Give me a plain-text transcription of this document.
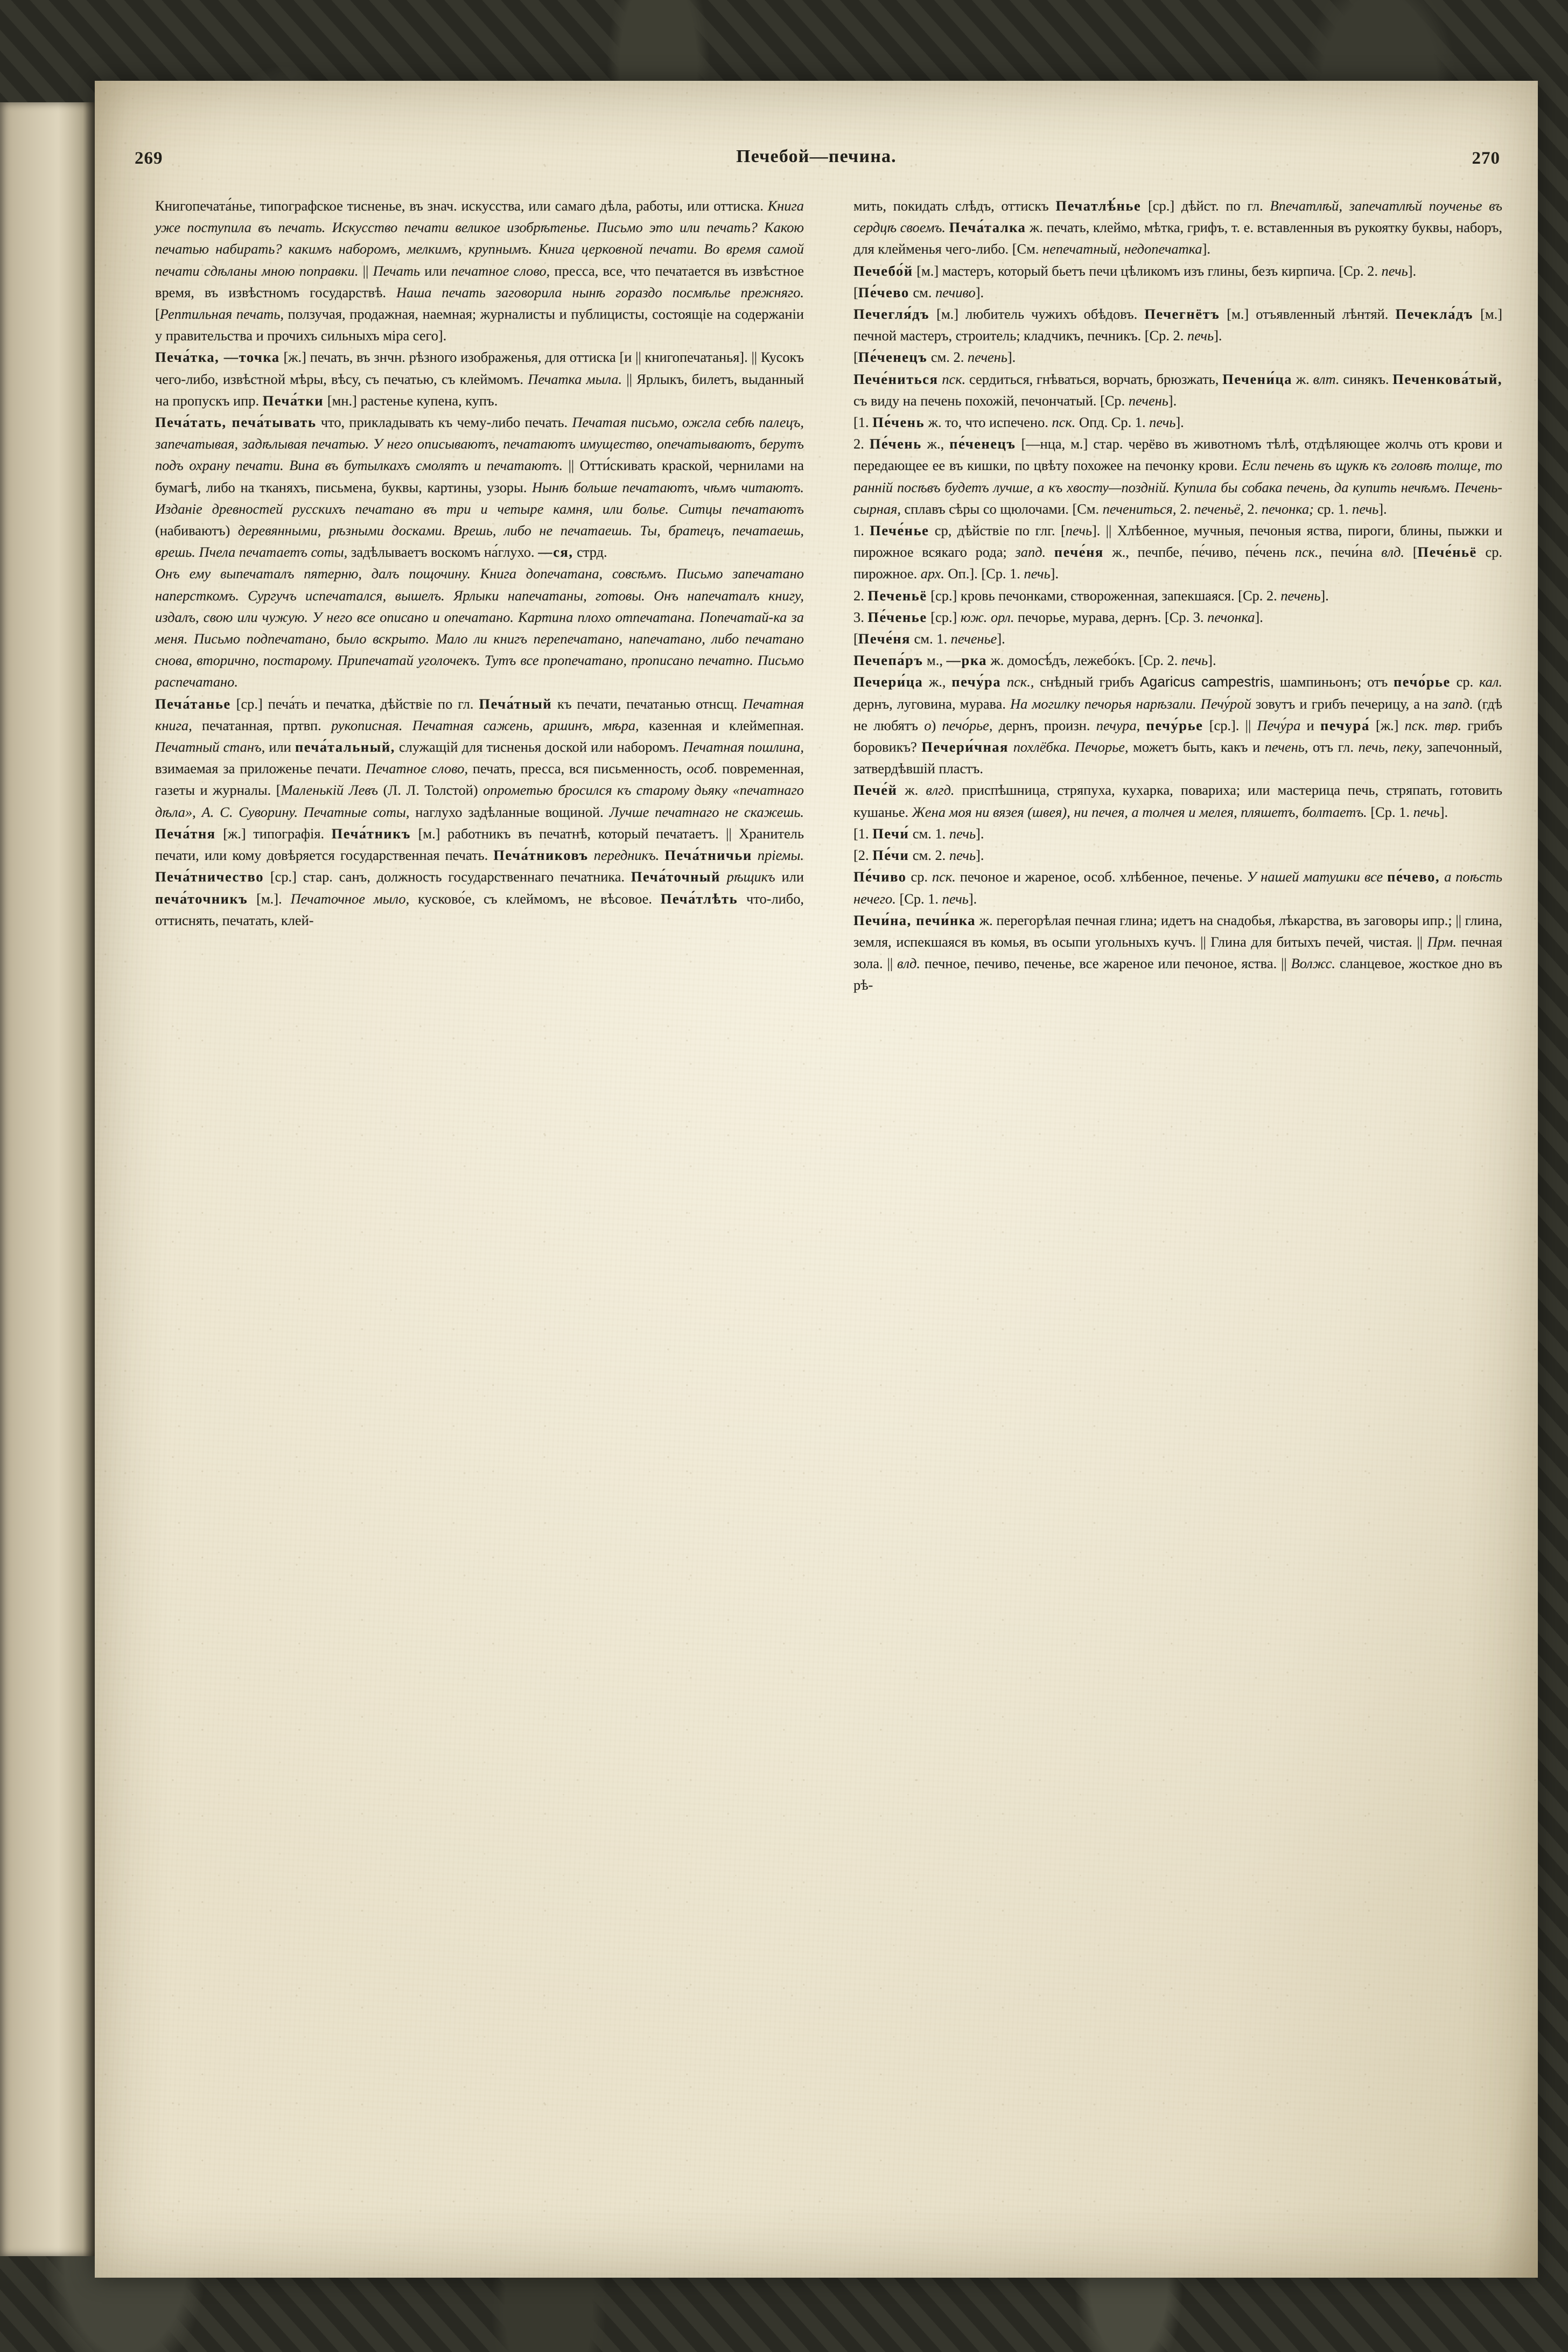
269	Печебой—печина.	270

Книгопечата́нье, типографское тисненье, въ знач. искусства, или самаго дѣла, работы, или оттиска. Книга уже поступила въ печать. Искусство печати великое изобрѣтенье. Письмо это или печать? Какою печатью набирать? какимъ наборомъ, мелкимъ, крупнымъ. Книга церковной печати. Во время самой печати сдѣланы мною поправки. || Печать или печатное слово, пресса, все, что печатается въ извѣстное время, въ извѣстномъ государствѣ. Наша печать заговорила нынѣ гораздо посмѣлье прежняго. [Рептильная печать, ползучая, продажная, наемная; журналисты и публицисты, состоящіе на содержаніи у правительства и прочихъ сильныхъ міра сего].

Печа́тка, —точка [ж.] печать, въ знчн. рѣзного изображенья, для оттиска [и || книгопечатанья]. || Кусокъ чего-либо, извѣстной мѣры, вѣсу, съ печатью, съ клеймомъ. Печатка мыла. || Ярлыкъ, билетъ, выданный на пропускъ ипр. Печа́тки [мн.] растенье купена, купъ.

Печа́тать, печа́тывать что, прикладывать къ чему-либо печать. Печатая письмо, ожгла себѣ палецъ, запечатывая, задѣлывая печатью. У него описываютъ, печатаютъ имущество, опечатываютъ, берутъ подъ охрану печати. Вина въ бутылкахъ смолятъ и печатаютъ. || Отти́скивать краской, чернилами на бумагѣ, либо на тканяхъ, письмена, буквы, картины, узоры. Нынѣ больше печатаютъ, чѣмъ читаютъ. Изданіе древностей русскихъ печатано въ три и четыре камня, или болье. Ситцы печатаютъ (набиваютъ) деревянными, рѣзными досками. Врешь, либо не печатаешь. Ты, братецъ, печатаешь, врешь. Пчела печатаетъ соты, задѣлываетъ воскомъ на́глухо. —ся, стрд.

Онъ ему выпечаталъ пятерню, далъ пощочину. Книга допечатана, совсѣмъ. Письмо запечатано наперсткомъ. Сургучъ испечатался, вышелъ. Ярлыки напечатаны, готовы. Онъ напечаталъ книгу, издалъ, свою или чужую. У него все описано и опечатано. Картина плохо отпечатана. Попечатай-ка за меня. Письмо подпечатано, было вскрыто. Мало ли книгъ перепечатано, напечатано, либо печатано снова, вторично, постарому. Припечатай уголочекъ. Тутъ все пропечатано, прописано печатно. Письмо распечатано.

Печа́танье [ср.] печа́ть и печатка, дѣйствіе по гл. Печа́тный къ печати, печатанью отнсщ. Печатная книга, печатанная, пртвп. рукописная. Печатная сажень, аршинъ, мѣра, казенная и клеймепная. Печатный станъ, или печа́тальный, служащій для тисненья доской или наборомъ. Печатная пошлина, взимаемая за приложенье печати. Печатное слово, печать, пресса, вся письменность, особ. повременная, газеты и журналы. [Маленькій Левъ (Л. Л. Толстой) опрометью бросился къ старому дьяку «печатнаго дѣла», А. С. Суворину. Печатные соты, наглухо задѣланные вощиной. Лучше печатнаго не скажешь. Печа́тня [ж.] типографія. Печа́тникъ [м.] работникъ въ печатнѣ, который печатаетъ. || Хранитель печати, или кому довѣряется государственная печать. Печа́тниковъ передникъ. Печа́тничьи пріемы. Печа́тничество [ср.] стар. санъ, должность государственнаго печатника. Печа́точный рѣщикъ или печа́точникъ [м.]. Печаточное мыло, кусково́е, съ клеймомъ, не вѣсовое. Печа́тлѣть что-либо, оттиснять, печатать, клей-

мить, покидать слѣдъ, оттискъ Печатлѣ́ньe [ср.] дѣйст. по гл. Впечатлѣй, запечатлѣй поученье въ сердцѣ своемъ. Печа́талка ж. печать, клеймо, мѣтка, грифъ, т. е. вставленныя въ рукоятку буквы, наборъ, для клейменья чего-либо. [См. непечатный, недопечатка].

Печебо́й [м.] мастеръ, который бьетъ печи цѣликомъ изъ глины, безъ кирпича. [Ср. 2. печь].

[Пе́чево см. печиво].

Печегля́дъ [м.] любитель чужихъ обѣдовъ. Печегнётъ [м.] отъявленный лѣнтяй. Печекла́дъ [м.] печной мастеръ, строитель; кладчикъ, печникъ. [Ср. 2. печь].

[Пе́ченецъ см. 2. печень].

Пече́ниться пск. сердиться, гнѣваться, ворчать, брюзжать, Печени́ца ж. влт. синякъ. Печенкова́тый, съ виду на печень похожій, печончатый. [Ср. печень].

[1. Пе́чень ж. то, что испечено. пск. Опд. Ср. 1. печь].

2. Пе́чень ж., пе́ченецъ [—нца, м.] стар. черёво въ животномъ тѣлѣ, отдѣляющее жолчь отъ крови и передающее ее въ кишки, по цвѣту похожее на печонку крови. Если печень въ щукѣ къ головѣ толще, то ранній посѣвъ будетъ лучше, а къ хвосту—поздній. Купила бы собака печень, да купить нечѣмъ. Печень-сырная, сплавъ сѣры со щюлочами. [См. печениться, 2. печеньё, 2. печонка; ср. 1. печь].

1. Пече́нье ср, дѣйствіе по глг. [печь]. || Хлѣбенное, мучныя, печоныя яства, пироги, блины, пыжки и пирожное всякаго рода; запд. пече́ня ж., печпбе, пе́чиво, пе́чень пск., печи́на влд. [Пече́ньё ср. пирожное. арх. Оп.]. [Ср. 1. печь].

2. Печеньё [ср.] кровь печонками, створоженная, запекшаяся. [Ср. 2. печень].

3. Пе́ченье [ср.] юж. орл. печорье, мурава, дернъ. [Ср. 3. печонка].

[Пече́ня см. 1. печенье].

Печепа́ръ м., —рка ж. домосѣ́дъ, лежебо́къ. [Ср. 2. печь].

Печери́ца ж., печу́ра пск., снѣдный грибъ Agaricus campestris, шампиньонъ; отъ печо́рье ср. кал. дернъ, луговина, мурава. На могилку печорья нарѣзали. Печу́рой зовутъ и грибъ печерицу, а на запд. (гдѣ не любятъ о) печо́рье, дернъ, произн. печура, печу́рье [ср.]. || Печу́ра и печура́ [ж.] пск. твр. грибъ боровикъ? Печери́чная похлёбка. Печорье, можетъ быть, какъ и печень, отъ гл. печь, пеку, запечонный, затвердѣвшій пластъ.

Пече́й ж. влгд. приспѣшница, стряпуха, кухарка, повариха; или мастерица печь, стряпать, готовить кушанье. Жена моя ни вязея (швея), ни печея, а толчея и мелея, пляшетъ, болтаетъ. [Ср. 1. печь].

[1. Печи́ см. 1. печь].

[2. Пе́чи см. 2. печь].

Пе́чиво ср. пск. печоное и жареное, особ. хлѣбенное, печенье. У нашей матушки все пе́чево, а поѣсть нечего. [Ср. 1. печь].

Печи́на, печи́нка ж. перегорѣлая печная глина; идетъ на снадобья, лѣкарства, въ заговоры ипр.; || глина, земля, испекшаяся въ комья, въ осыпи угольныхъ кучъ. || Глина для битыхъ печей, чистая. || Прм. печная зола. || влд. печное, печиво, печенье, все жареное или печоное, яства. || Волжс. сланцевое, жосткое дно въ рѣ-
